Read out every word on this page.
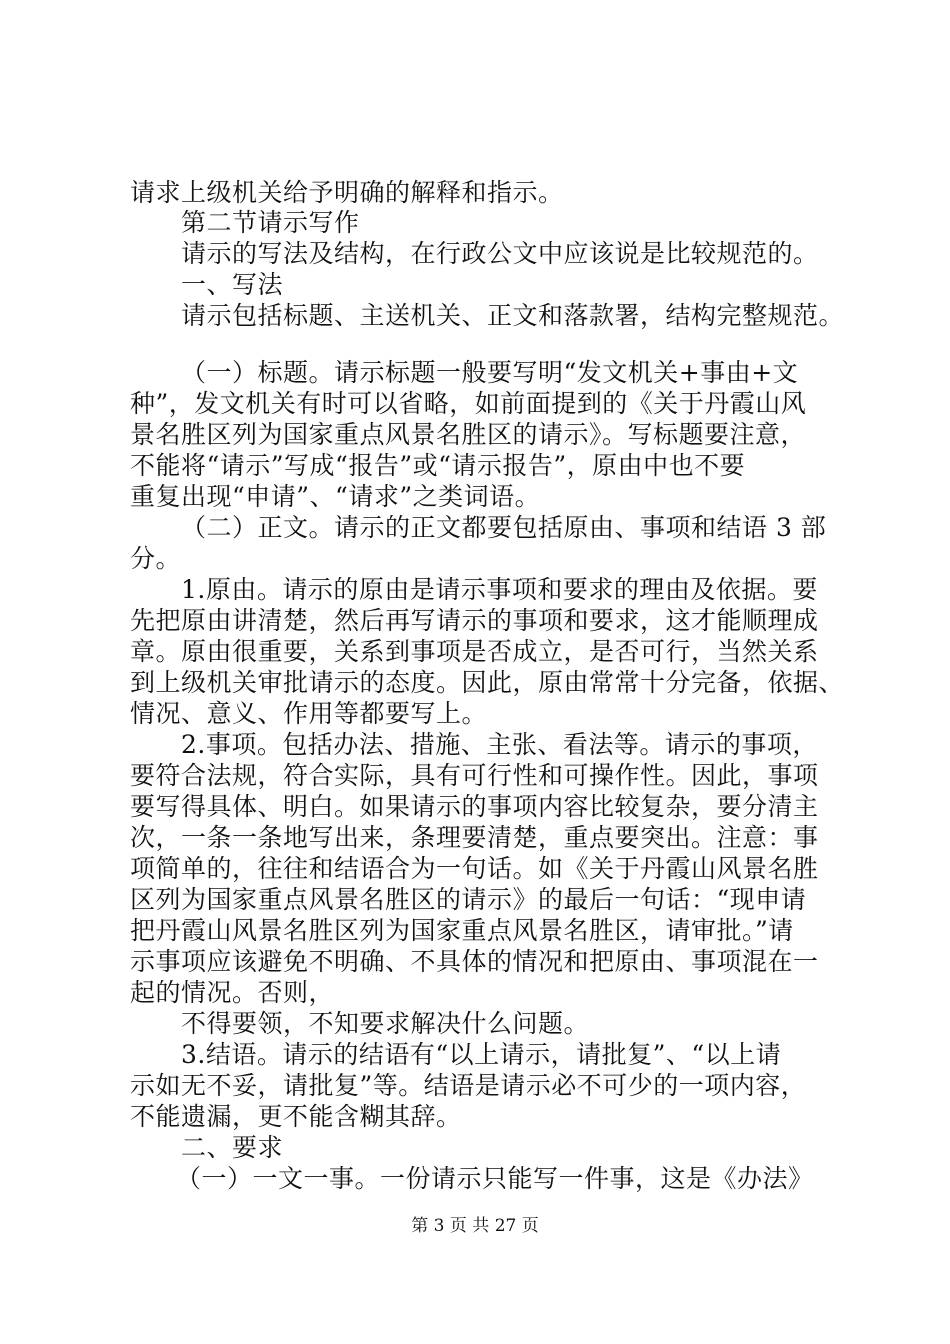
请求上级机关给予明确的解释和指示。
第二节请示写作
请示的写法及结构，在行政公文中应该说是比较规范的。
一、写法
请示包括标题、主送机关、正文和落款署，结构完整规范。
（一）标题。请示标题一般要写明“发文机关+事由+文
种”，发文机关有时可以省略，如前面提到的《关于丹霞山风
景名胜区列为国家重点风景名胜区的请示》。写标题要注意，
不能将“请示”写成“报告”或“请示报告”，原由中也不要
重复出现“申请”、“请求”之类词语。
（二）正文。请示的正文都要包括原由、事项和结语 3 部
分。
1.原由。请示的原由是请示事项和要求的理由及依据。要
先把原由讲清楚，然后再写请示的事项和要求，这才能顺理成
章。原由很重要，关系到事项是否成立，是否可行，当然关系
到上级机关审批请示的态度。因此，原由常常十分完备，依据、
情况、意义、作用等都要写上。
2.事项。包括办法、措施、主张、看法等。请示的事项，
要符合法规，符合实际，具有可行性和可操作性。因此，事项
要写得具体、明白。如果请示的事项内容比较复杂，要分清主
次，一条一条地写出来，条理要清楚，重点要突出。注意：事
项简单的，往往和结语合为一句话。如《关于丹霞山风景名胜
区列为国家重点风景名胜区的请示》的最后一句话：“现申请
把丹霞山风景名胜区列为国家重点风景名胜区，请审批。”请
示事项应该避免不明确、不具体的情况和把原由、事项混在一
起的情况。否则，
不得要领，不知要求解决什么问题。
3.结语。请示的结语有“以上请示，请批复”、“以上请
示如无不妥，请批复”等。结语是请示必不可少的一项内容，
不能遗漏，更不能含糊其辞。
二、要求
（一）一文一事。一份请示只能写一件事，这是《办法》
第 3 页 共 27 页
